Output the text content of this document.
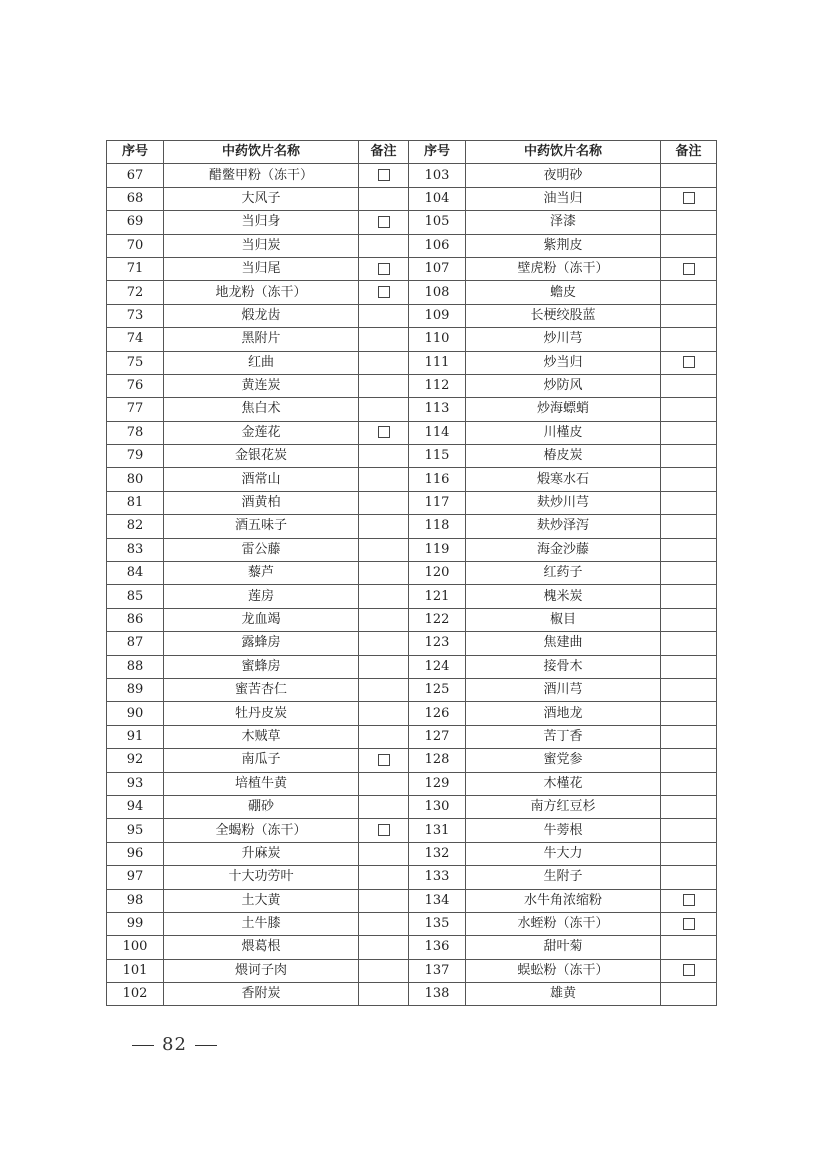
序号	中药饮片名称	备注	序号	中药饮片名称	备注
67	醋鳖甲粉（冻干）		103	夜明砂	
68	大风子		104	油当归	
69	当归身		105	泽漆	
70	当归炭		106	紫荆皮	
71	当归尾		107	壁虎粉（冻干）	
72	地龙粉（冻干）		108	蟾皮	
73	煅龙齿		109	长梗绞股蓝	
74	黑附片		110	炒川芎	
75	红曲		111	炒当归	
76	黄连炭		112	炒防风	
77	焦白术		113	炒海螵蛸	
78	金莲花		114	川槿皮	
79	金银花炭		115	椿皮炭	
80	酒常山		116	煅寒水石	
81	酒黄柏		117	麸炒川芎	
82	酒五味子		118	麸炒泽泻	
83	雷公藤		119	海金沙藤	
84	藜芦		120	红药子	
85	莲房		121	槐米炭	
86	龙血竭		122	椒目	
87	露蜂房		123	焦建曲	
88	蜜蜂房		124	接骨木	
89	蜜苦杏仁		125	酒川芎	
90	牡丹皮炭		126	酒地龙	
91	木贼草		127	苦丁香	
92	南瓜子		128	蜜党参	
93	培植牛黄		129	木槿花	
94	硼砂		130	南方红豆杉	
95	全蝎粉（冻干）		131	牛蒡根	
96	升麻炭		132	牛大力	
97	十大功劳叶		133	生附子	
98	土大黄		134	水牛角浓缩粉	
99	土牛膝		135	水蛭粉（冻干）	
100	煨葛根		136	甜叶菊	
101	煨诃子肉		137	蜈蚣粉（冻干）	
102	香附炭		138	雄黄	
82
